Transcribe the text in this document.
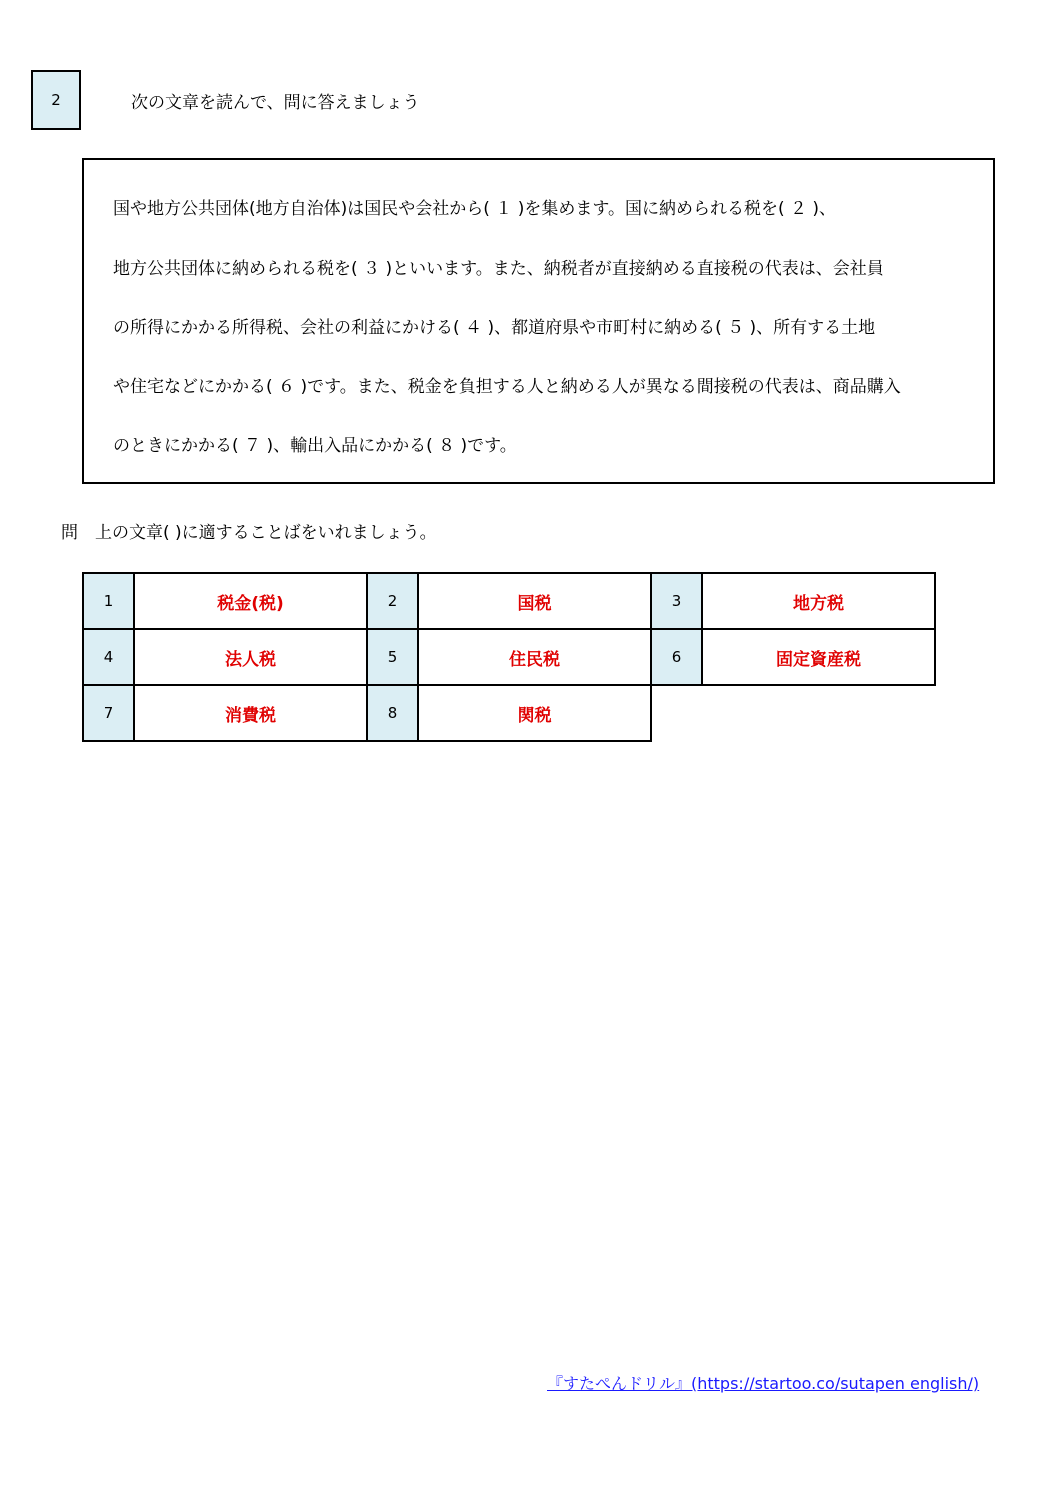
2	次の文章を読んで、問に答えましょう
国や地方公共団体(地方自治体)は国民や会社から( １ )を集めます。国に納められる税を( ２ )、
地方公共団体に納められる税を( ３ )といいます。また、納税者が直接納める直接税の代表は、会社員
の所得にかかる所得税、会社の利益にかける( ４ )、都道府県や市町村に納める( ５ )、所有する土地
や住宅などにかかる( ６ )です。また、税金を負担する人と納める人が異なる間接税の代表は、商品購入
のときにかかる( ７ )、輸出入品にかかる( ８ )です。
問　上の文章( )に適することばをいれましょう。
1	税金(税)	2	国税	3	地方税
4	法人税	5	住民税	6	固定資産税
7	消費税	8	関税		
『すたぺんドリル』(https://startoo.co/sutapen english/)
